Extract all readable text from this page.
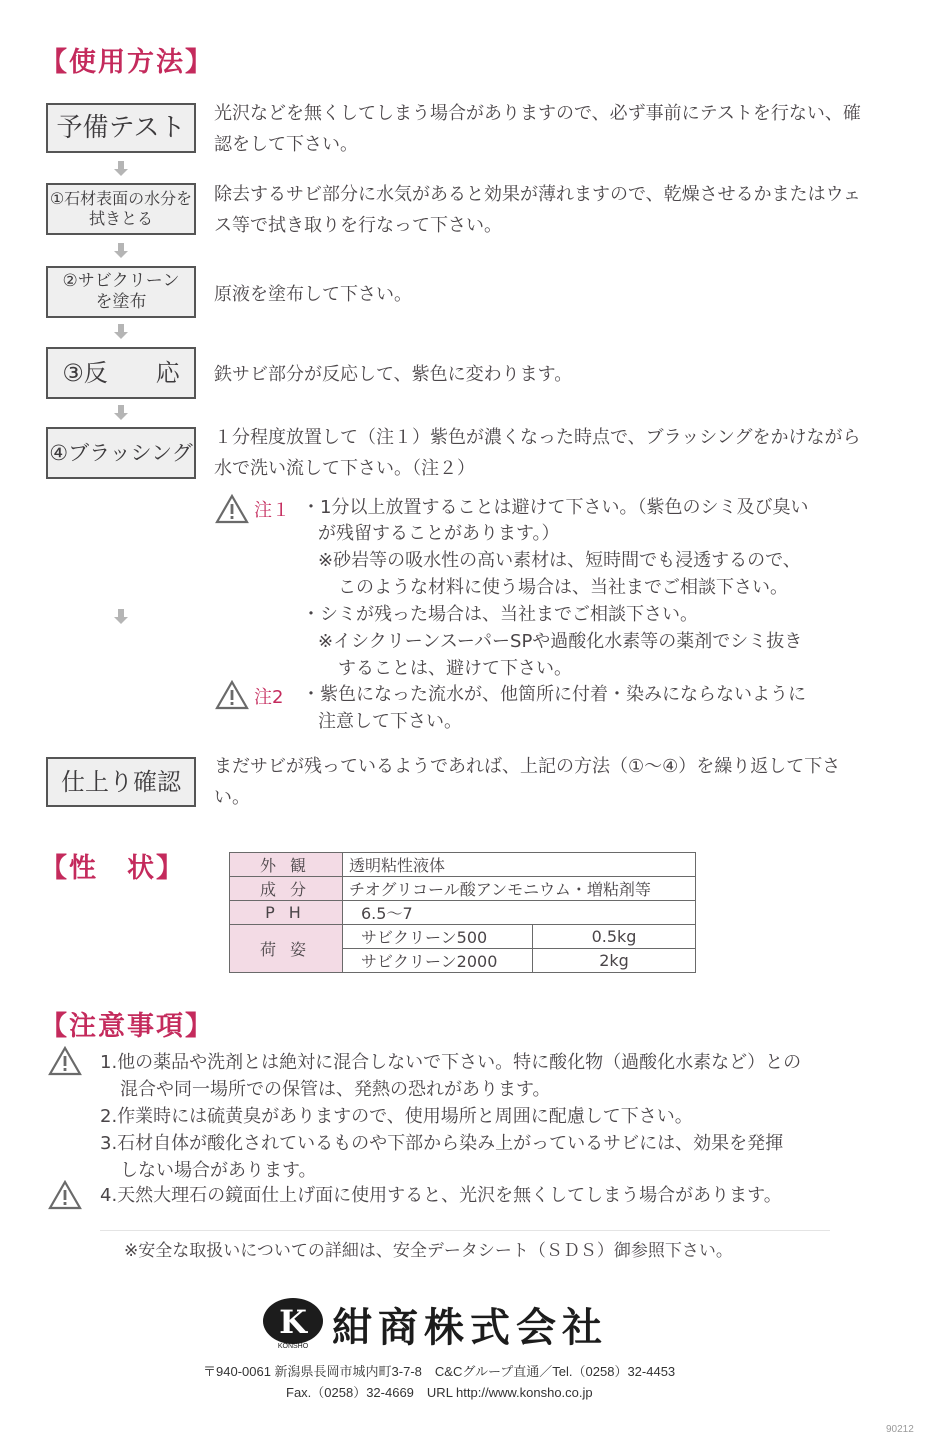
【使用方法】
予備テスト 光沢などを無くしてしまう場合がありますので、必ず事前にテストを行ない、確認をして下さい。
①石材表面の水分を
拭きとる
除去するサビ部分に水気があると効果が薄れますので、乾燥させるかまたはウェス等で拭き取りを行なって下さい。
②サビクリーン
を塗布	原液を塗布して下さい。
③反　　応 鉄サビ部分が反応して、紫色に変わります。
④ブラッシング
１分程度放置して（注１）紫色が濃くなった時点で、ブラッシングをかけながら水で洗い流して下さい。（注２）
注１ ・1分以上放置することは避けて下さい。（紫色のシミ及び臭い
が残留することがあります。）
※砂岩等の吸水性の高い素材は、短時間でも浸透するので、
このような材料に使う場合は、当社までご相談下さい。
・シミが残った場合は、当社までご相談下さい。
※イシクリーンスーパーSPや過酸化水素等の薬剤でシミ抜き
することは、避けて下さい。
注2 ・紫色になった流水が、他箇所に付着・染みにならないように
注意して下さい。
仕上り確認
まだサビが残っているようであれば、上記の方法（①〜④）を繰り返して下さい。
【性　状】	外観	透明粘性液体	
成分	チオグリコール酸アンモニウム・増粘剤等	
PH	6.5〜7	
荷姿	サビクリーン500	0.5kg
	サビクリーン2000	2kg
【注意事項】
1.他の薬品や洗剤とは絶対に混合しないで下さい。特に酸化物（過酸化水素など）との
混合や同一場所での保管は、発熱の恐れがあります。
2.作業時には硫黄臭がありますので、使用場所と周囲に配慮して下さい。
3.石材自体が酸化されているものや下部から染み上がっているサビには、効果を発揮
しない場合があります。
4.天然大理石の鏡面仕上げ面に使用すると、光沢を無くしてしまう場合があります。
※安全な取扱いについての詳細は、安全データシート（ＳＤＳ）御参照下さい。
K
KONSHO 紺商株式会社
〒940-0061 新潟県長岡市城内町3-7-8　C&Cグループ直通／Tel.（0258）32-4453
Fax.（0258）32-4669　URL http://www.konsho.co.jp
90212
